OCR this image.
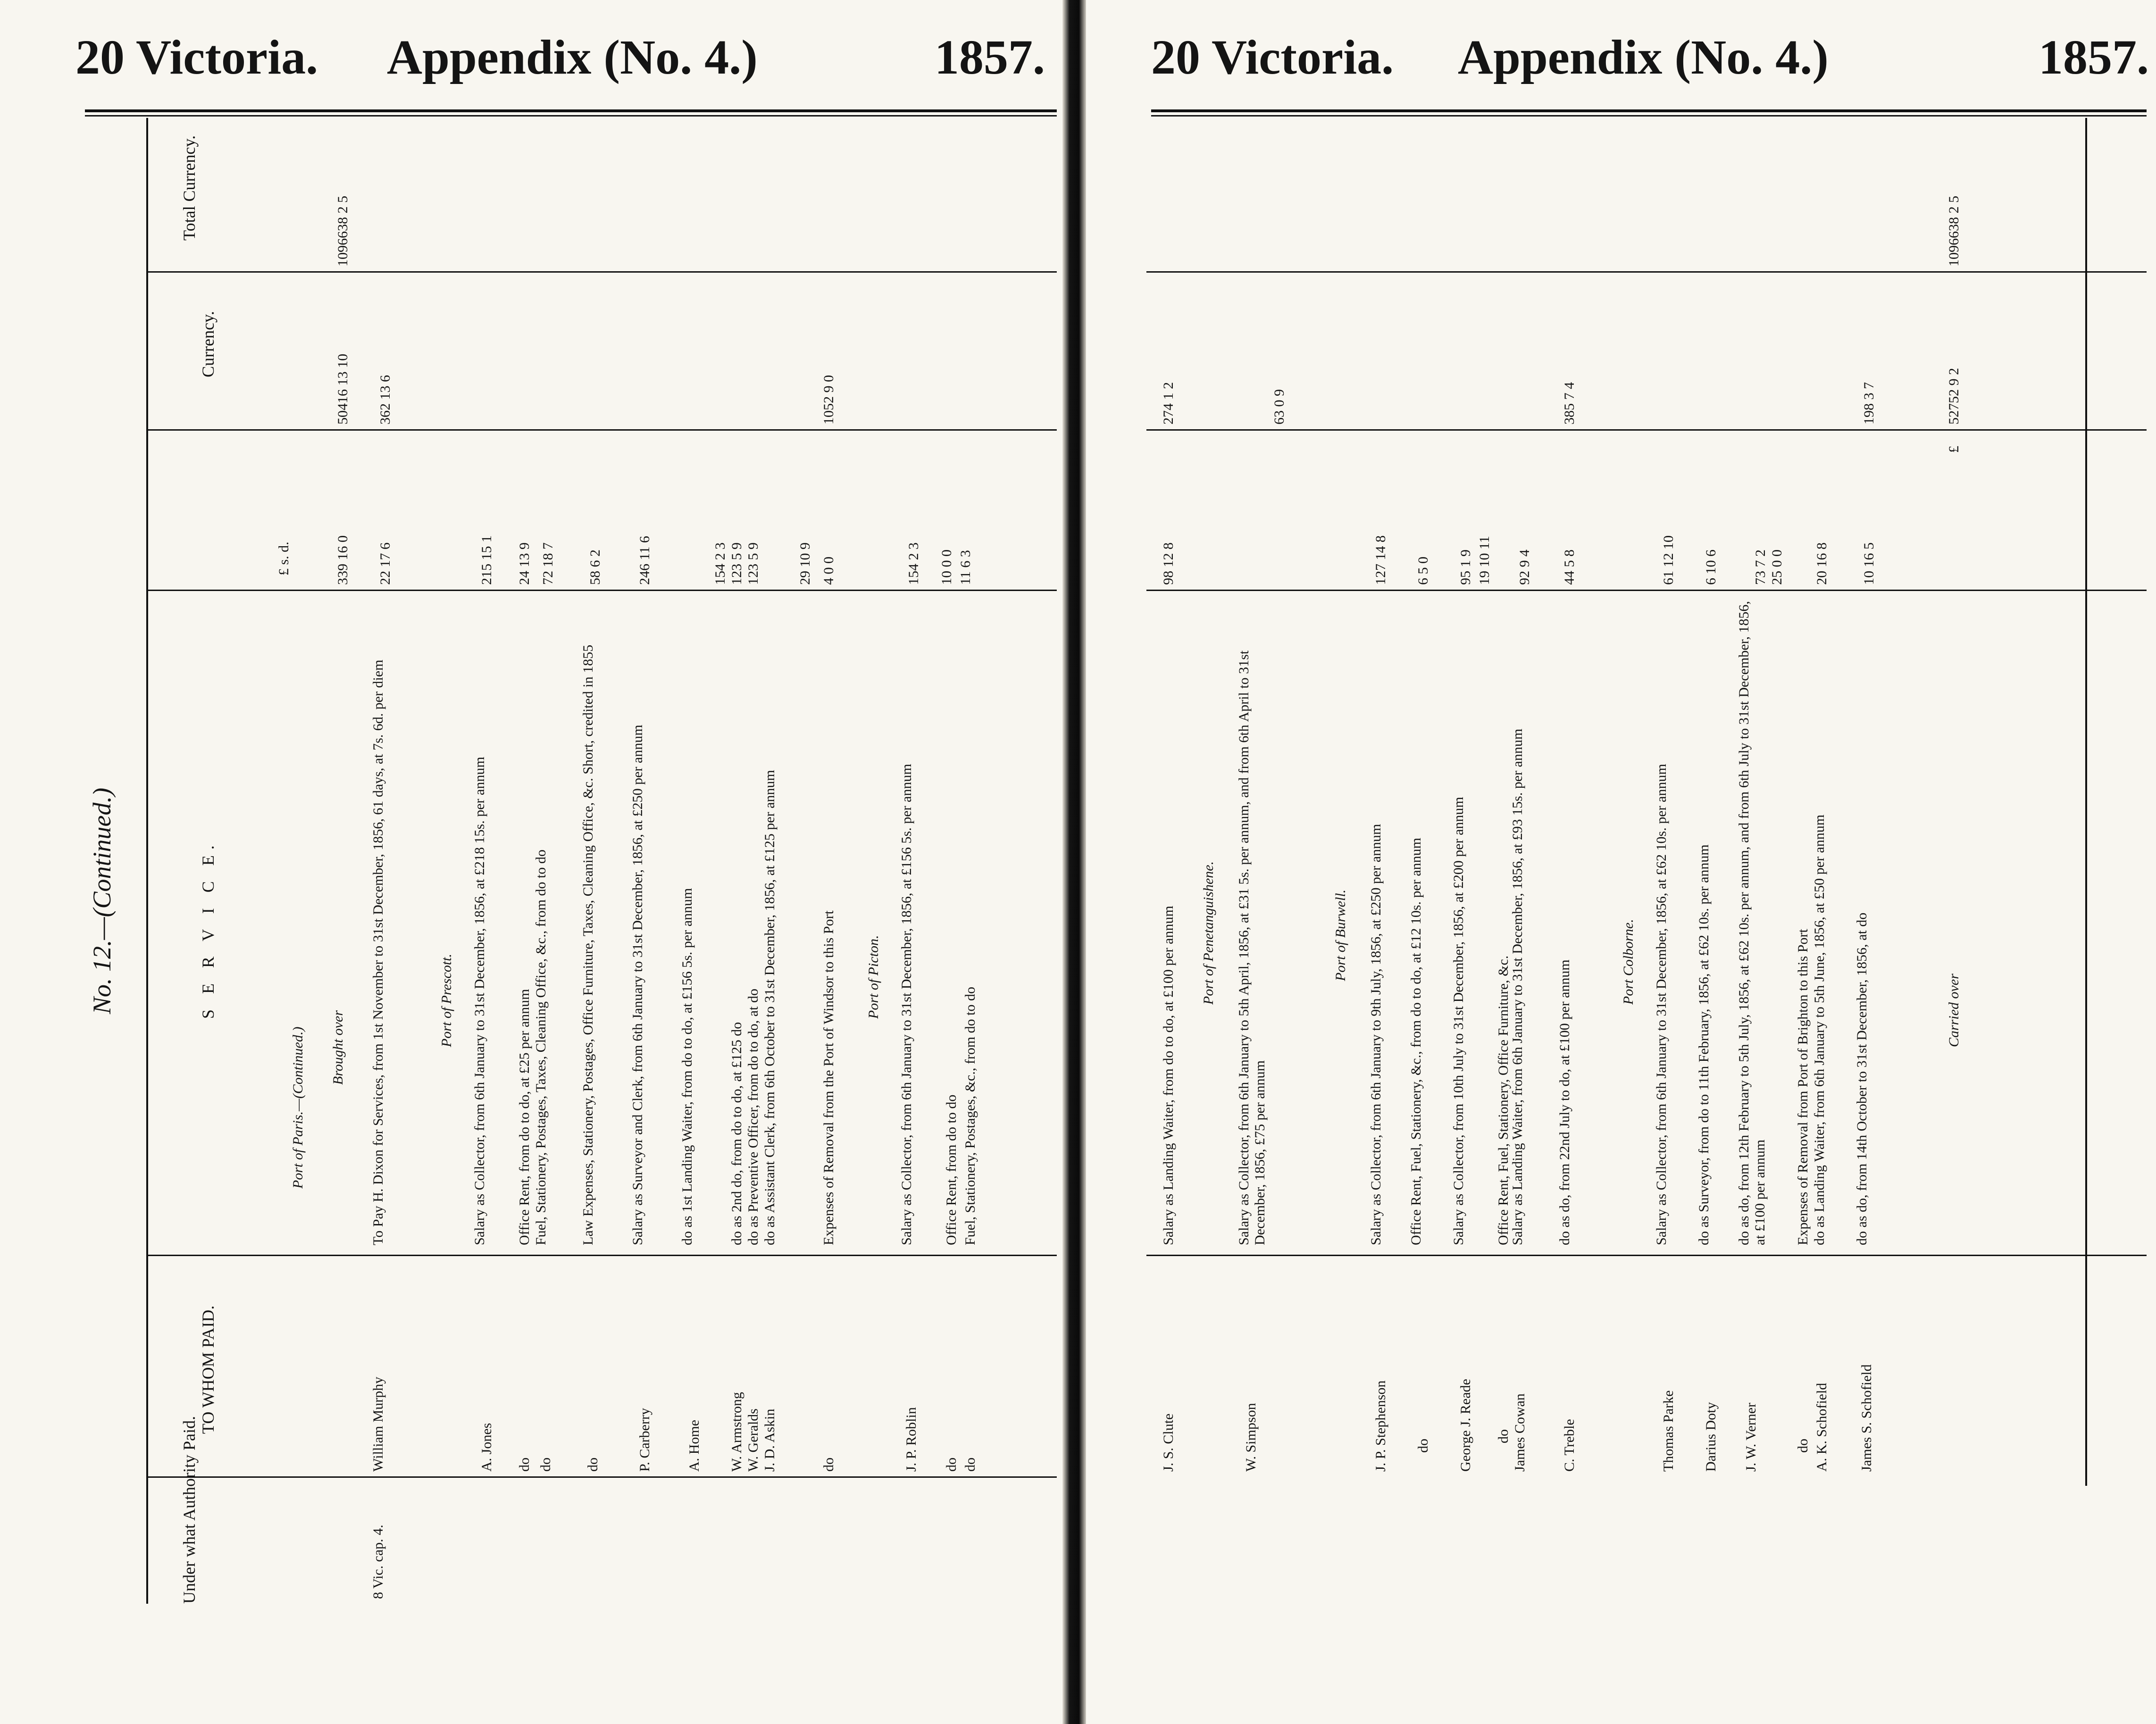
20 Victoria. Appendix (No. 4.)	1857.
No. 12.—(Continued.)
Under what Authority Paid.
TO WHOM PAID.
S E R V I C E.
Currency.
Total Currency.
£ s. d.
Port of Paris.—(Continued.) Brought over
339 16 0
50416 13 10
1096638 2 5
8 Vic. cap. 4.
William Murphy
To Pay H. Dixon for Services, from 1st November to 31st December, 1856, 61 days, at 7s. 6d. per diem
22 17 6
362 13 6
Port of Prescott.
A. Jones
Salary as Collector, from 6th January to 31st December, 1856, at £218 15s. per annum
215 15 1
do
Office Rent, from do to do, at £25 per annum
24 13 9
do
Fuel, Stationery, Postages, Taxes, Cleaning Office, &c., from do to do
72 18 7
do
Law Expenses, Stationery, Postages, Office Furniture, Taxes, Cleaning Office, &c. Short, credited in 1855
58 6 2
P. Carberry
Salary as Surveyor and Clerk, from 6th January to 31st December, 1856, at £250 per annum
246 11 6
A. Home
do as 1st Landing Waiter, from do to do, at £156 5s. per annum
154 2 3
W. Armstrong
do as 2nd do, from do to do, at £125 do
123 5 9
W. Geralds
do as Preventive Officer, from do to do, at do
123 5 9
J. D. Askin
do as Assistant Clerk, from 6th October to 31st December, 1856, at £125 per annum
29 10 9
do
Expenses of Removal from the Port of Windsor to this Port
4 0 0
1052 9 0
Port of Picton.
J. P. Roblin
Salary as Collector, from 6th January to 31st December, 1856, at £156 5s. per annum
154 2 3
do
Office Rent, from do to do
10 0 0
do
Fuel, Stationery, Postages, &c., from do to do
11 6 3
20 Victoria. Appendix (No. 4.)	1857.
J. S. Clute
Salary as Landing Waiter, from do to do, at £100 per annum
98 12 8
274 1 2
Port of Penetanguishene.
W. Simpson
Salary as Collector, from 6th January to 5th April, 1856, at £31 5s. per annum, and from 6th April to 31st December, 1856, £75 per annum
63 0 9
Port of Burwell.
J. P. Stephenson
Salary as Collector, from 6th January to 9th July, 1856, at £250 per annum
127 14 8
do
Office Rent, Fuel, Stationery, &c., from do to do, at £12 10s. per annum
6 5 0
George J. Reade
Salary as Collector, from 10th July to 31st December, 1856, at £200 per annum
95 1 9
do
Office Rent, Fuel, Stationery, Office Furniture, &c.
19 10 11
James Cowan
Salary as Landing Waiter, from 6th January to 31st December, 1856, at £93 15s. per annum
92 9 4
C. Treble
do as do, from 22nd July to do, at £100 per annum
44 5 8
385 7 4
Port Colborne.
Thomas Parke
Salary as Collector, from 6th January to 31st December, 1856, at £62 10s. per annum
61 12 10
Darius Doty
do as Surveyor, from do to 11th February, 1856, at £62 10s. per annum
6 10 6
J. W. Verner
do as do, from 12th February to 5th July, 1856, at £62 10s. per annum, and from 6th July to 31st December, 1856, at £100 per annum
73 7 2
do
Expenses of Removal from Port of Brighton to this Port
25 0 0
A. K. Schofield
do as Landing Waiter, from 6th January to 5th June, 1856, at £50 per annum
20 16 8
James S. Schofield
do as do, from 14th October to 31st December, 1856, at do
10 16 5
198 3 7
Carried over
£
52752 9 2
1096638 2 5
